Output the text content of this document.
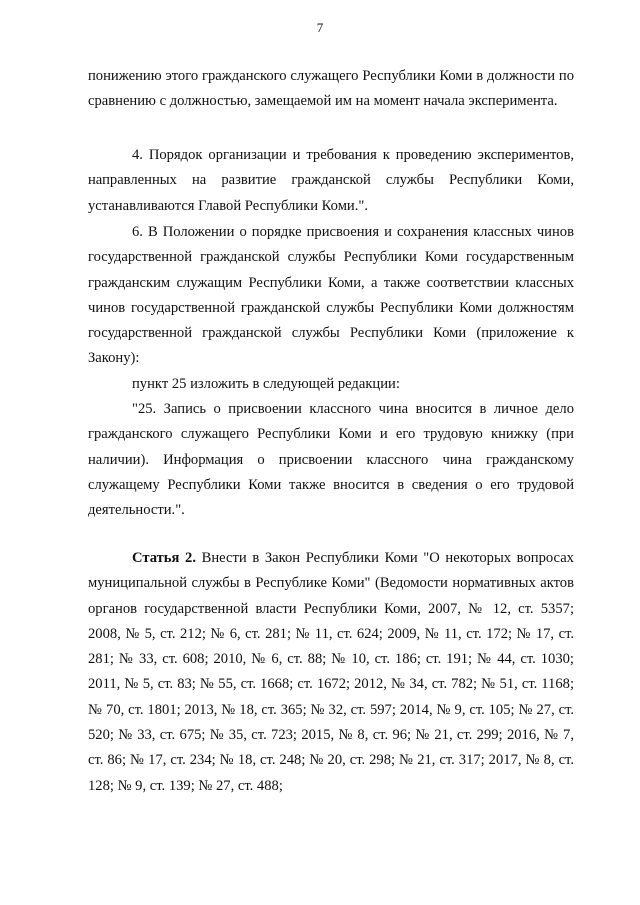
7

понижению этого гражданского служащего Республики Коми в должности по сравнению с должностью, замещаемой им на момент начала эксперимента.

4. Порядок организации и требования к проведению экспериментов, направленных на развитие гражданской службы Республики Коми, устанавливаются Главой Республики Коми.".

6. В Положении о порядке присвоения и сохранения классных чинов государственной гражданской службы Республики Коми государственным гражданским служащим Республики Коми, а также соответствии классных чинов государственной гражданской службы Республики Коми должностям государственной гражданской службы Республики Коми (приложение к Закону):

пункт 25 изложить в следующей редакции:

"25. Запись о присвоении классного чина вносится в личное дело гражданского служащего Республики Коми и его трудовую книжку (при наличии). Информация о присвоении классного чина гражданскому служащему Республики Коми также вносится в сведения о его трудовой деятельности.".

Статья 2. Внести в Закон Республики Коми "О некоторых вопросах муниципальной службы в Республике Коми" (Ведомости нормативных актов органов государственной власти Республики Коми, 2007, № 12, ст. 5357; 2008, № 5, ст. 212; № 6, ст. 281; № 11, ст. 624; 2009, № 11, ст. 172; № 17, ст. 281; № 33, ст. 608; 2010, № 6, ст. 88; № 10, ст. 186; ст. 191; № 44, ст. 1030; 2011, № 5, ст. 83; № 55, ст. 1668; ст. 1672; 2012, № 34, ст. 782; № 51, ст. 1168; № 70, ст. 1801; 2013, № 18, ст. 365; № 32, ст. 597; 2014, № 9, ст. 105; № 27, ст. 520; № 33, ст. 675; № 35, ст. 723; 2015, № 8, ст. 96; № 21, ст. 299; 2016, № 7, ст. 86; № 17, ст. 234; № 18, ст. 248; № 20, ст. 298; № 21, ст. 317; 2017, № 8, ст. 128; № 9, ст. 139; № 27, ст. 488;
